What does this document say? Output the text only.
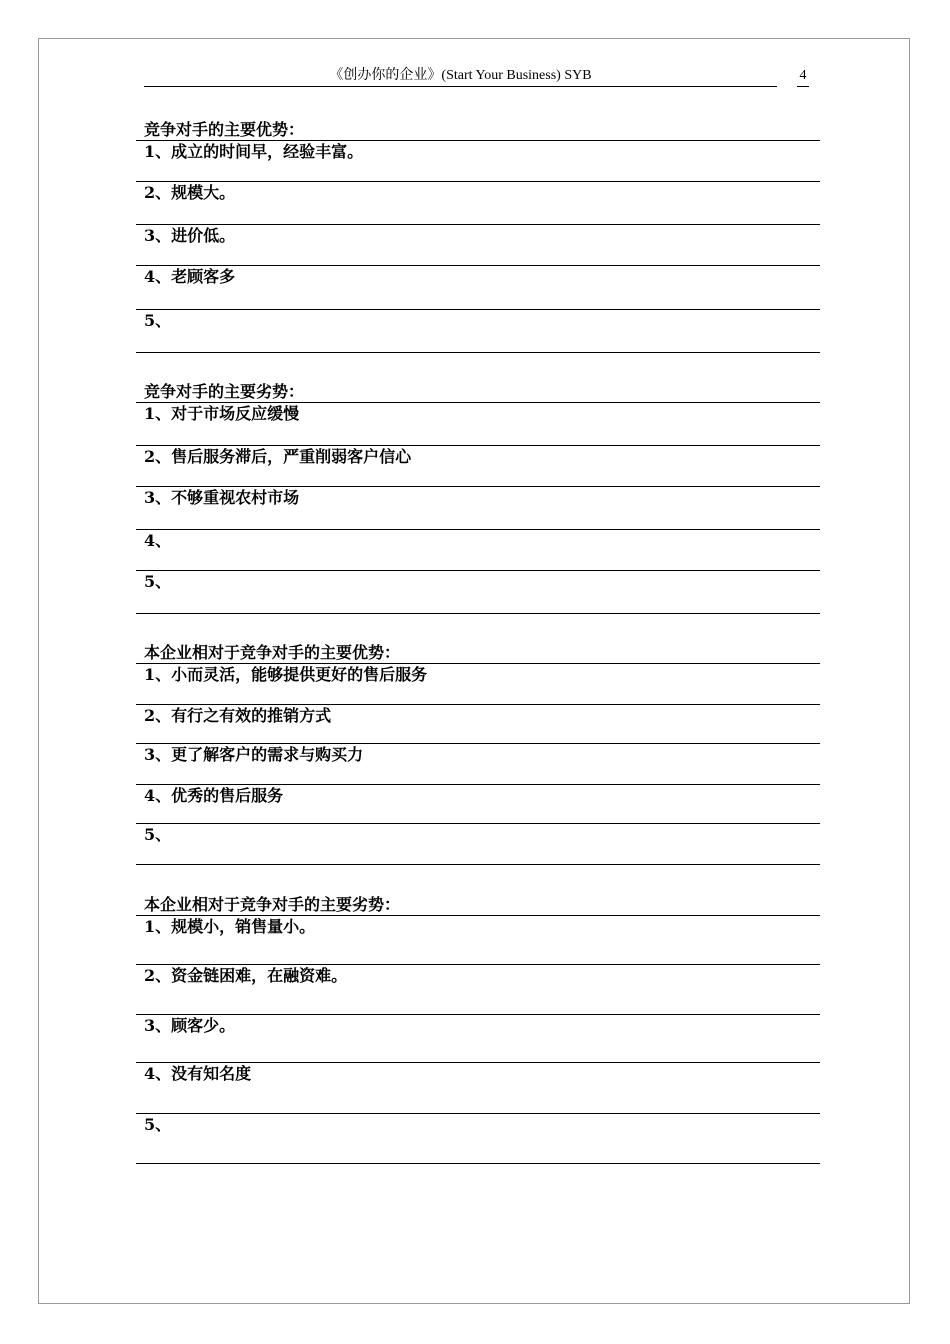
《创办你的企业》(Start Your Business) SYB	4
竞争对手的主要优势：
1、成立的时间早，经验丰富。
2、规模大。
3、进价低。
4、老顾客多
5、
竞争对手的主要劣势：
1、对于市场反应缓慢
2、售后服务滞后，严重削弱客户信心
3、不够重视农村市场
4、
5、
本企业相对于竞争对手的主要优势：
1、小而灵活，能够提供更好的售后服务
2、有行之有效的推销方式
3、更了解客户的需求与购买力
4、优秀的售后服务
5、
本企业相对于竞争对手的主要劣势：
1、规模小，销售量小。
2、资金链困难，在融资难。
3、顾客少。
4、没有知名度
5、
